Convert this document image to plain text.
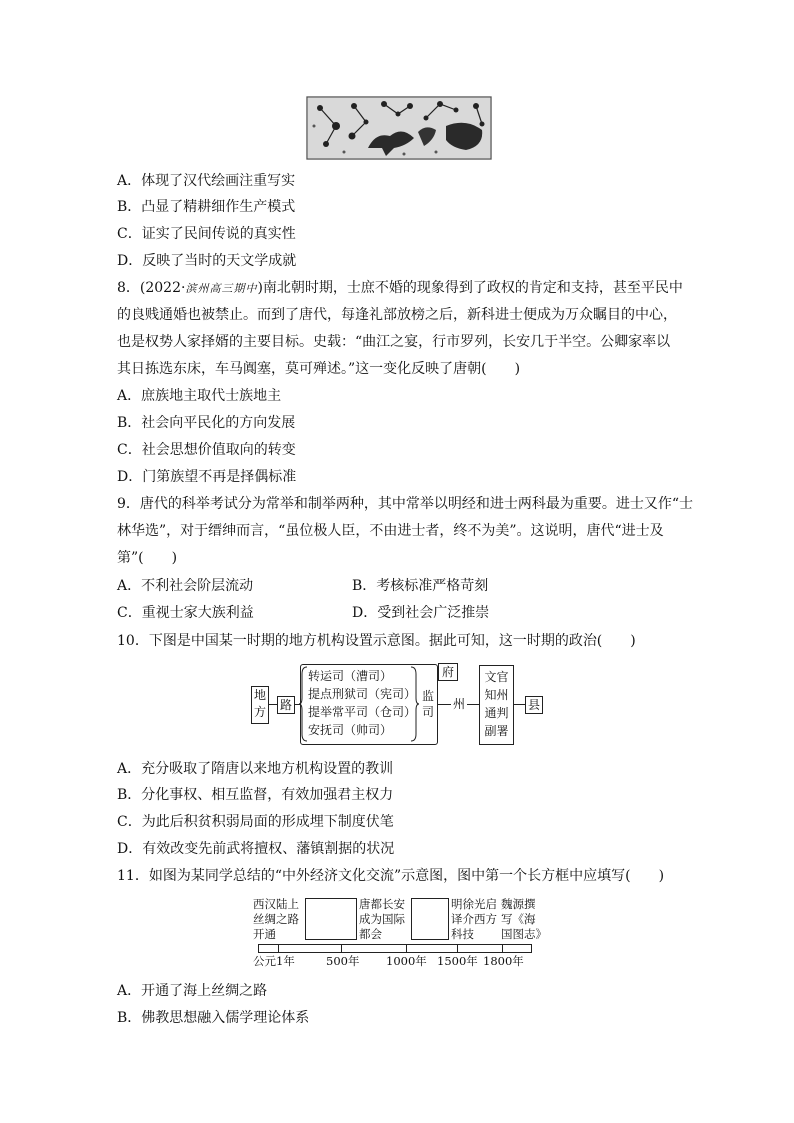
A．体现了汉代绘画注重写实
B．凸显了精耕细作生产模式
C．证实了民间传说的真实性
D．反映了当时的天文学成就
8．(2022·滨州高三期中)南北朝时期，士庶不婚的现象得到了政权的肯定和支持，甚至平民中
的良贱通婚也被禁止。而到了唐代，每逢礼部放榜之后，新科进士便成为万众瞩目的中心，
也是权势人家择婿的主要目标。史载：“曲江之宴，行市罗列，长安几于半空。公卿家率以
其日拣选东床，车马阗塞，莫可殚述。”这一变化反映了唐朝(　　)
A．庶族地主取代士族地主
B．社会向平民化的方向发展
C．社会思想价值取向的转变
D．门第族望不再是择偶标准
9．唐代的科举考试分为常举和制举两种，其中常举以明经和进士两科最为重要。进士又作“士
林华选”，对于缙绅而言，“虽位极人臣，不由进士者，终不为美”。这说明，唐代“进士及
第”(　　)
A．不利社会阶层流动	B．考核标准严格苛刻
C．重视士家大族利益	D．受到社会广泛推崇
10．下图是中国某一时期的地方机构设置示意图。据此可知，这一时期的政治(　　)
地方 路
转运司（漕司）
提点刑狱司（宪司）
提举常平司（仓司）
安抚司（帅司）
监司
府
州
文官
知州
通判
副署
县
A．充分吸取了隋唐以来地方机构设置的教训
B．分化事权、相互监督，有效加强君主权力
C．为此后积贫积弱局面的形成埋下制度伏笔
D．有效改变先前武将擅权、藩镇割据的状况
11．如图为某同学总结的“中外经济文化交流”示意图，图中第一个长方框中应填写(　　)
西汉陆上
丝绸之路
开通
唐都长安
成为国际
都会
明徐光启
译介西方
科技
魏源撰
写《海
国图志》
公元1年	500年 1000年 1500年 1800年
A．开通了海上丝绸之路
B．佛教思想融入儒学理论体系
